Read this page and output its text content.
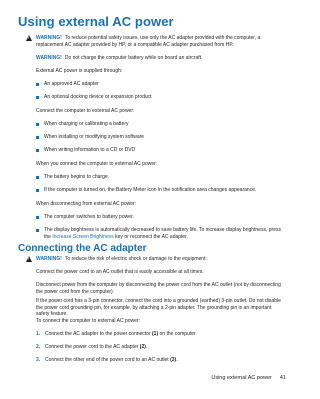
Using external AC power
!
WARNING! To reduce potential safety issues, use only the AC adapter provided with the computer, a replacement AC adapter provided by HP, or a compatible AC adapter purchased from HP.
WARNING! Do not charge the computer battery while on board an aircraft.
External AC power is supplied through:
An approved AC adapter
An optional docking device or expansion product
Connect the computer to external AC power:
When charging or calibrating a battery
When installing or modifying system software
When writing information to a CD or DVD
When you connect the computer to external AC power:
The battery begins to charge.
If the computer is turned on, the Battery Meter icon in the notification area changes appearance.
When disconnecting from external AC power:
The computer switches to battery power.
The display brightness is automatically decreased to save battery life. To increase display brightness, press the Increase Screen Brightness key or reconnect the AC adapter.
Connecting the AC adapter
!
WARNING! To reduce the risk of electric shock or damage to the equipment:
Connect the power cord to an AC outlet that is easily accessible at all times.
Disconnect power from the computer by disconnecting the power cord from the AC outlet (not by disconnecting the power cord from the computer).
If the power cord has a 3-pin connector, connect the cord into a grounded (earthed) 3-pin outlet. Do not disable the power cord grounding pin, for example, by attaching a 2-pin adapter. The grounding pin is an important safety feature.
To connect the computer to external AC power:
Using external AC power 41
1. Connect the AC adapter to the power connector (1) on the computer.
2. Connect the power cord to the AC adapter (2).
3. Connect the other end of the power cord to an AC outlet (3).
